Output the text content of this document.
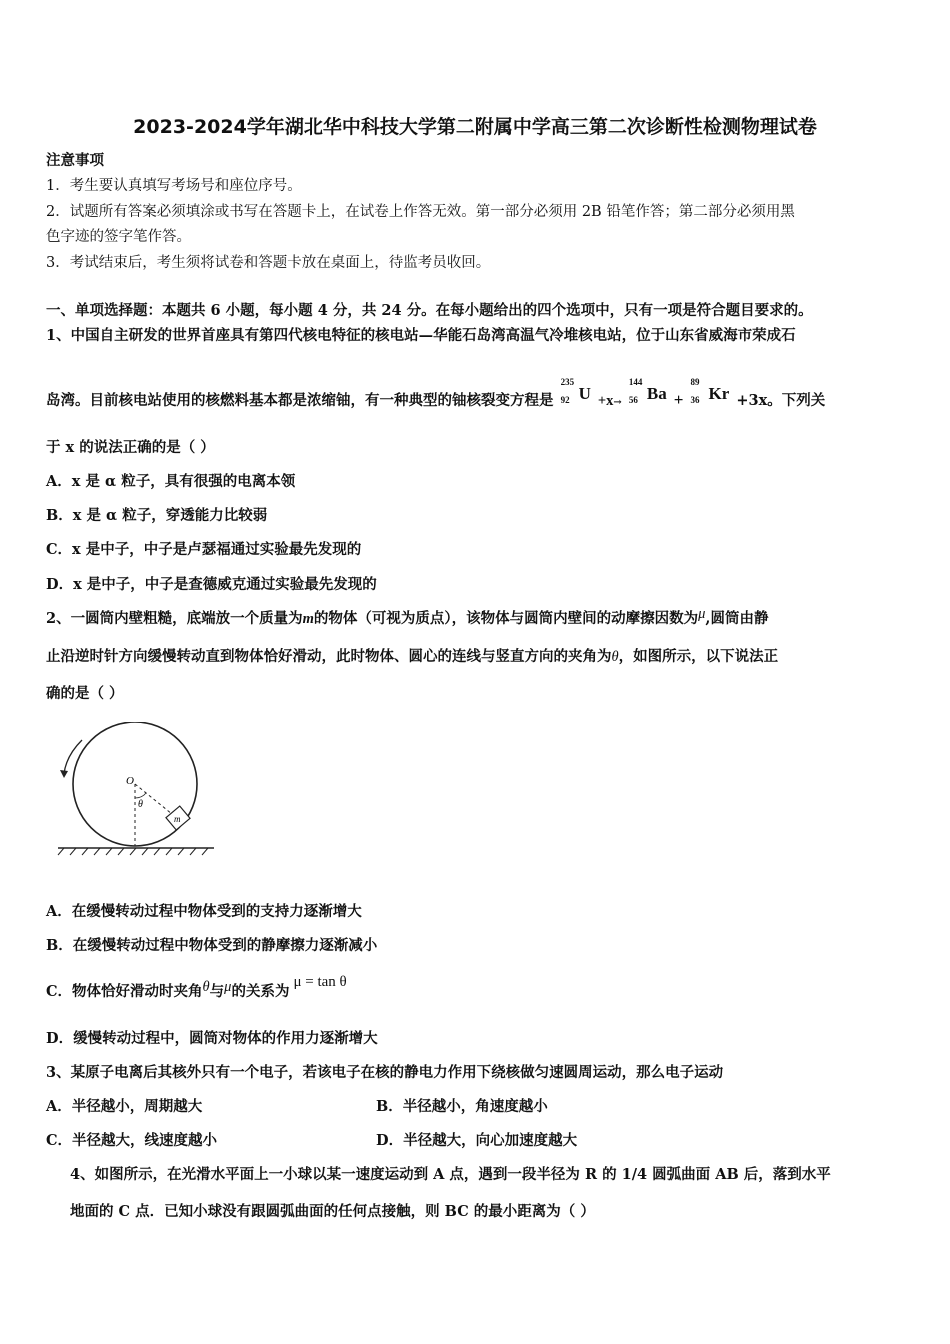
2023-2024学年湖北华中科技大学第二附属中学高三第二次诊断性检测物理试卷
注意事项
1．考生要认真填写考场号和座位序号。
2．试题所有答案必须填涂或书写在答题卡上，在试卷上作答无效。第一部分必须用 2B 铅笔作答；第二部分必须用黑
色字迹的签字笔作答。
3．考试结束后，考生须将试卷和答题卡放在桌面上，待监考员收回。
一、单项选择题：本题共 6 小题，每小题 4 分，共 24 分。在每小题给出的四个选项中，只有一项是符合题目要求的。
1、中国自主研发的世界首座具有第四代核电特征的核电站—华能石岛湾高温气冷堆核电站，位于山东省威海市荣成石
岛湾。目前核电站使用的核燃料基本都是浓缩铀，有一种典型的铀核裂变方程是
235
92 U +x→
144
56 Ba +
89
36 Kr +3x。下列关
于 x 的说法正确的是（ ）
A．x 是 α 粒子，具有很强的电离本领
B．x 是 α 粒子，穿透能力比较弱
C．x 是中子，中子是卢瑟福通过实验最先发现的
D．x 是中子，中子是查德威克通过实验最先发现的
2、一圆筒内壁粗糙，底端放一个质量为m的物体（可视为质点），该物体与圆筒内壁间的动摩擦因数为μ,圆筒由静
止沿逆时针方向缓慢转动直到物体恰好滑动，此时物体、圆心的连线与竖直方向的夹角为θ，如图所示，以下说法正
确的是（ ）
O
θ
m
A．在缓慢转动过程中物体受到的支持力逐渐增大
B．在缓慢转动过程中物体受到的静摩擦力逐渐减小
C．物体恰好滑动时夹角θ与μ的关系为μ = tan θ
D．缓慢转动过程中，圆筒对物体的作用力逐渐增大
3、某原子电离后其核外只有一个电子，若该电子在核的静电力作用下绕核做匀速圆周运动，那么电子运动
A．半径越小，周期越大	B．半径越小，角速度越小
C．半径越大，线速度越小	D．半径越大，向心加速度越大
4、如图所示，在光滑水平面上一小球以某一速度运动到 A 点，遇到一段半径为 R 的 1/4 圆弧曲面 AB 后，落到水平
地面的 C 点．已知小球没有跟圆弧曲面的任何点接触，则 BC 的最小距离为（ ）
